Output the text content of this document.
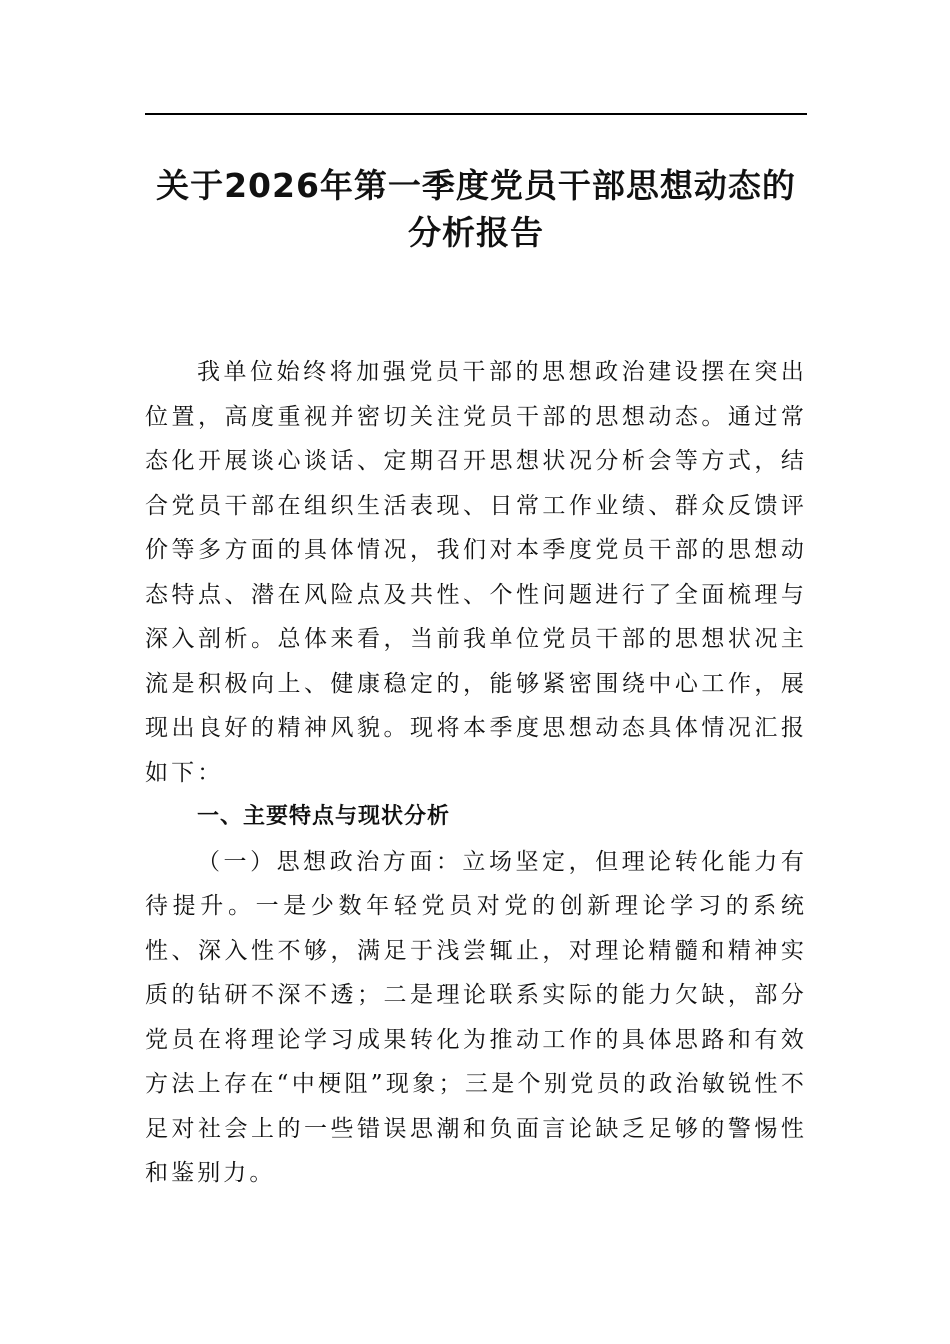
关于2026年第一季度党员干部思想动态的
分析报告

我单位始终将加强党员干部的思想政治建设摆在突出位置，高度重视并密切关注党员干部的思想动态。通过常态化开展谈心谈话、定期召开思想状况分析会等方式，结合党员干部在组织生活表现、日常工作业绩、群众反馈评价等多方面的具体情况，我们对本季度党员干部的思想动态特点、潜在风险点及共性、个性问题进行了全面梳理与深入剖析。总体来看，当前我单位党员干部的思想状况主流是积极向上、健康稳定的，能够紧密围绕中心工作，展现出良好的精神风貌。现将本季度思想动态具体情况汇报如下：

一、主要特点与现状分析

（一）思想政治方面：立场坚定，但理论转化能力有待提升。一是少数年轻党员对党的创新理论学习的系统性、深入性不够，满足于浅尝辄止，对理论精髓和精神实质的钻研不深不透；二是理论联系实际的能力欠缺，部分党员在将理论学习成果转化为推动工作的具体思路和有效方法上存在“中梗阻”现象；三是个别党员的政治敏锐性不足对社会上的一些错误思潮和负面言论缺乏足够的警惕性和鉴别力。
